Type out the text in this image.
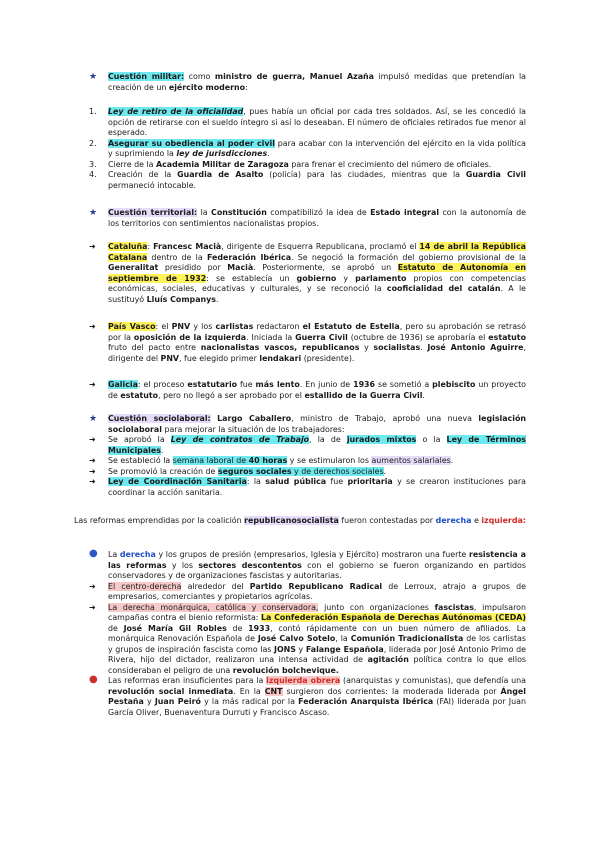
★ Cuestión militar: como ministro de guerra, Manuel Azaña impulsó medidas que pretendían la creación de un ejército moderno:
1. Ley de retiro de la oficialidad, pues había un oficial por cada tres soldados. Así, se les concedió la opción de retirarse con el sueldo íntegro si así lo deseaban. El número de oficiales retirados fue menor al esperado.
2. Asegurar su obediencia al poder civil para acabar con la intervención del ejército en la vida política y suprimiendo la ley de jurisdicciones.
3. Cierre de la Academia Militar de Zaragoza para frenar el crecimiento del número de oficiales.
4. Creación de la Guardia de Asalto (policía) para las ciudades, mientras que la Guardia Civil permaneció intocable.
★ Cuestión territorial: la Constitución compatibilizó la idea de Estado integral con la autonomía de los territorios con sentimientos nacionalistas propios.
➜ Cataluña: Francesc Macià, dirigente de Esquerra Republicana, proclamó el 14 de abril la República Catalana dentro de la Federación Ibérica. Se negoció la formación del gobierno provisional de la Generalitat presidido por Macià. Posteriormente, se aprobó un Estatuto de Autonomía en septiembre de 1932: se establecía un gobierno y parlamento propios con competencias económicas, sociales, educativas y culturales, y se reconoció la cooficialidad del catalán. A le sustituyó Lluís Companys.
➜ País Vasco: el PNV y los carlistas redactaron el Estatuto de Estella, pero su aprobación se retrasó por la oposición de la izquierda. Iniciada la Guerra Civil (octubre de 1936) se aprobaría el estatuto fruto del pacto entre nacionalistas vascos, republicanos y socialistas. José Antonio Aguirre, dirigente del PNV, fue elegido primer lendakari (presidente).
➜ Galicia: el proceso estatutario fue más lento. En junio de 1936 se sometió a plebiscito un proyecto de estatuto, pero no llegó a ser aprobado por el estallido de la Guerra Civil.
★ Cuestión sociolaboral: Largo Caballero, ministro de Trabajo, aprobó una nueva legislación sociolaboral para mejorar la situación de los trabajadores:
➜ Se aprobó la Ley de contratos de Trabajo, la de jurados mixtos o la Ley de Términos Municipales.
➜ Se estableció la semana laboral de 40 horas y se estimularon los aumentos salariales.
➜ Se promovió la creación de seguros sociales y de derechos sociales.
➜ Ley de Coordinación Sanitaria: la salud pública fue prioritaria y se crearon instituciones para coordinar la acción sanitaria.
Las reformas emprendidas por la coalición republicanosocialista fueron contestadas por derecha e izquierda:
● La derecha y los grupos de presión (empresarios, Iglesia y Ejército) mostraron una fuerte resistencia a las reformas y los sectores descontentos con el gobierno se fueron organizando en partidos conservadores y de organizaciones fascistas y autoritarias.
➜ El centro-derecha alrededor del Partido Republicano Radical de Lerroux, atrajo a grupos de empresarios, comerciantes y propietarios agrícolas.
➜ La derecha monárquica, católica y conservadora, junto con organizaciones fascistas, impulsaron campañas contra el bienio reformista: La Confederación Española de Derechas Autónomas (CEDA) de José María Gil Robles de 1933, contó rápidamente con un buen número de afiliados. La monárquica Renovación Española de José Calvo Sotelo, la Comunión Tradicionalista de los carlistas y grupos de inspiración fascista como las JONS y Falange Española, liderada por José Antonio Primo de Rivera, hijo del dictador, realizaron una intensa actividad de agitación política contra lo que ellos consideraban el peligro de una revolución bolchevique.
● Las reformas eran insuficientes para la izquierda obrera (anarquistas y comunistas), que defendía una revolución social inmediata. En la CNT surgieron dos corrientes: la moderada liderada por Ángel Pestaña y Juan Peiró y la más radical por la Federación Anarquista Ibérica (FAI) liderada por Juan García Oliver, Buenaventura Durruti y Francisco Ascaso.
